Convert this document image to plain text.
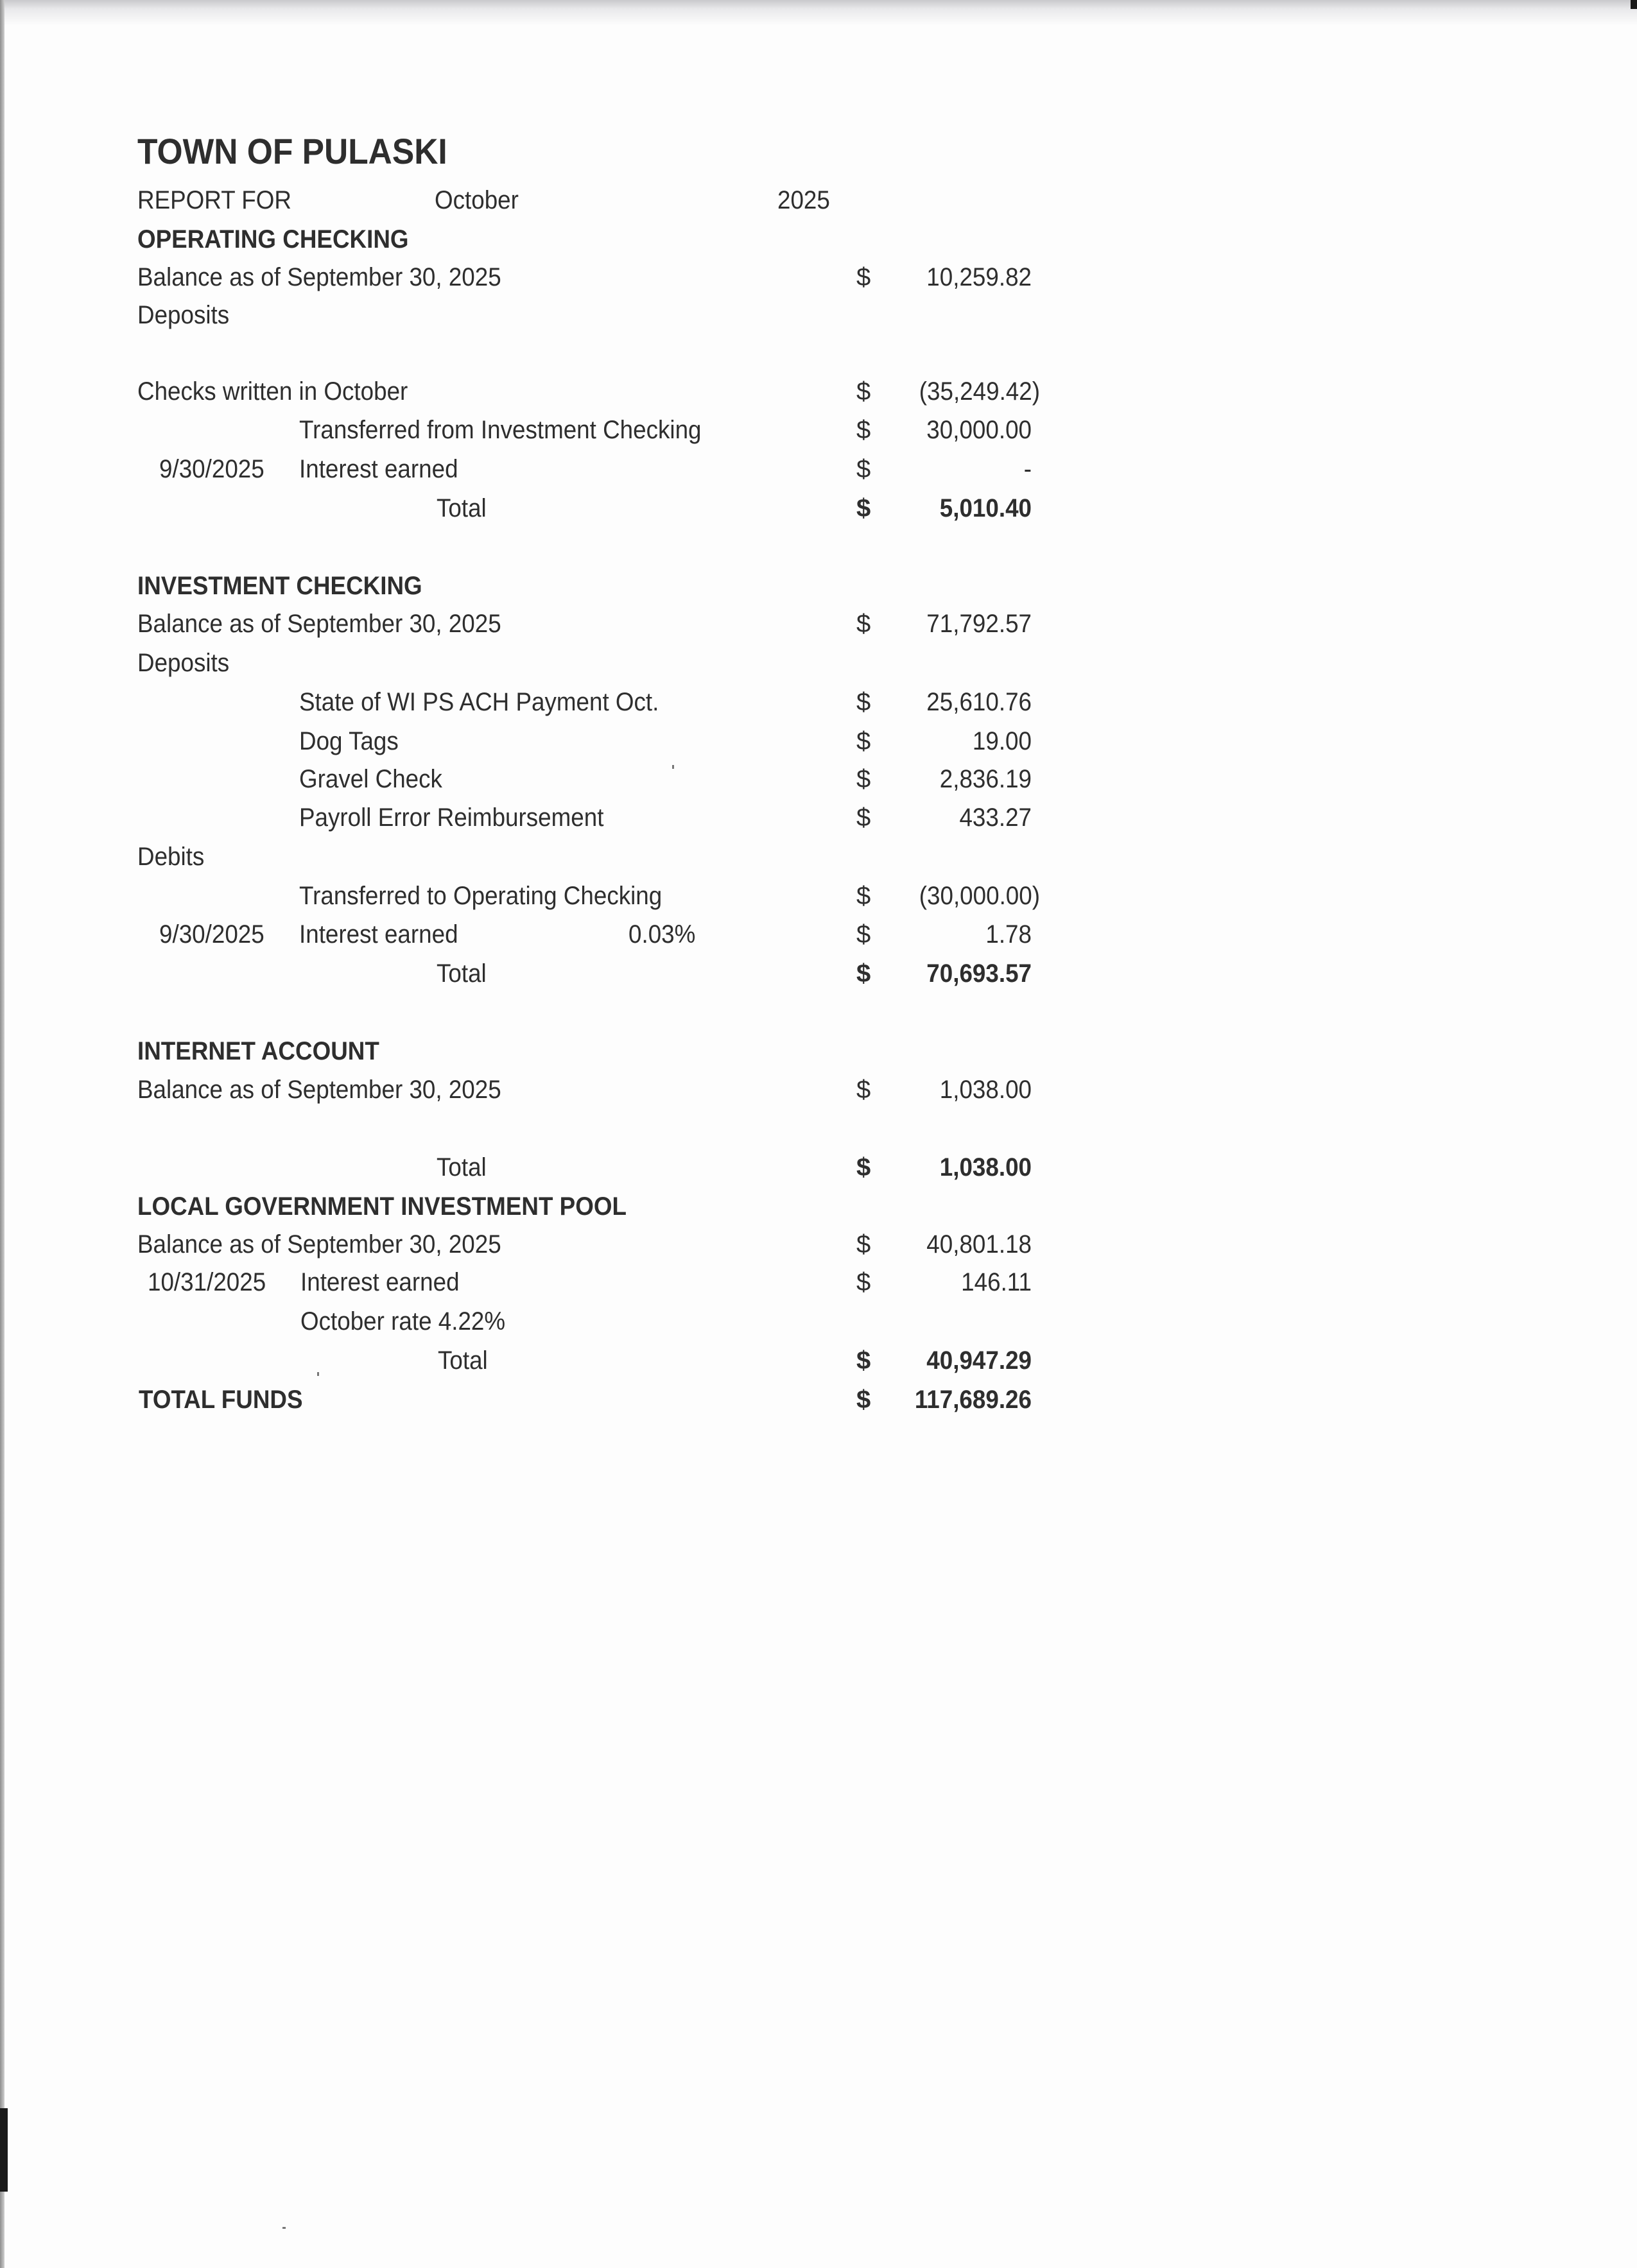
TOWN OF PULASKI
REPORT FOR	October	2025
OPERATING CHECKING
Balance as of September 30, 2025	$	10,259.82
Deposits
Checks written in October	$	(35,249.42)
Transferred from Investment Checking	$	30,000.00
9/30/2025 Interest earned	$	-
Total	$	5,010.40
INVESTMENT CHECKING
Balance as of September 30, 2025	$	71,792.57
Deposits
State of WI PS ACH Payment Oct.	$	25,610.76
Dog Tags	$	19.00
Gravel Check	$	2,836.19
Payroll Error Reimbursement	$	433.27
Debits
Transferred to Operating Checking	$	(30,000.00)
9/30/2025 Interest earned	0.03%	$	1.78
Total	$	70,693.57
INTERNET ACCOUNT
Balance as of September 30, 2025	$	1,038.00
Total	$	1,038.00
LOCAL GOVERNMENT INVESTMENT POOL
Balance as of September 30, 2025	$	40,801.18
10/31/2025 Interest earned	$	146.11
October rate 4.22%
Total	$	40,947.29
TOTAL FUNDS	$	117,689.26
